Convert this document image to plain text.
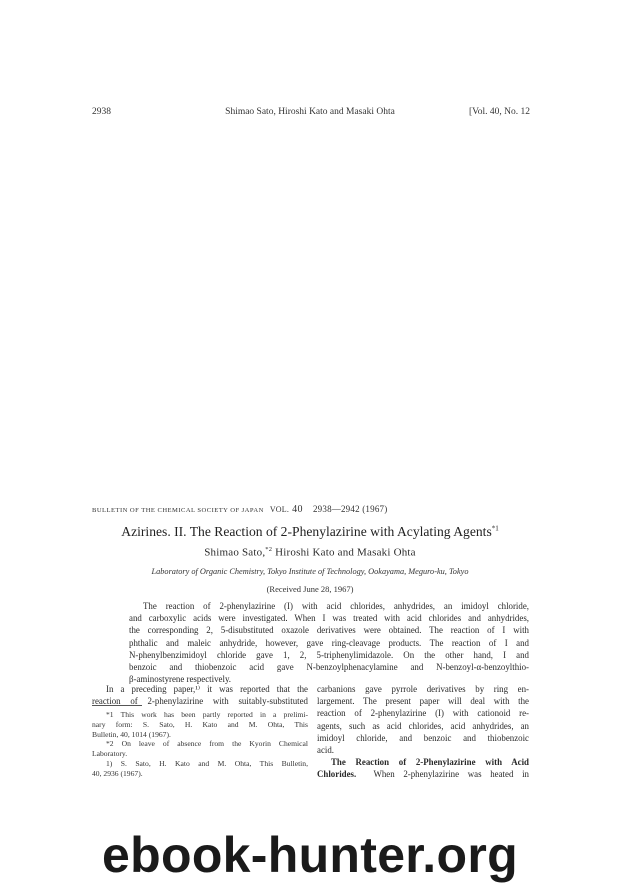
2938	Shimao Sato, Hiroshi Kato and Masaki Ohta	[Vol. 40, No. 12
BULLETIN OF THE CHEMICAL SOCIETY OF JAPAN VOL. 40 2938—2942 (1967)
Azirines. II. The Reaction of 2-Phenylazirine with Acylating Agents$^{*1}$
Shimao Sato,$^{*2}$ Hiroshi Kato and Masaki Ohta
Laboratory of Organic Chemistry, Tokyo Institute of Technology, Ookayama, Meguro-ku, Tokyo
(Received June 28, 1967)
The reaction of 2-phenylazirine (I) with acid chlorides, anhydrides, an imidoyl chloride,
and carboxylic acids were investigated. When I was treated with acid chlorides and anhydrides,
the corresponding 2, 5-disubstituted oxazole derivatives were obtained. The reaction of I with
phthalic and maleic anhydride, however, gave ring-cleavage products. The reaction of I and
N-phenylbenzimidoyl chloride gave 1, 2, 5-triphenylimidazole. On the other hand, I and
benzoic and thiobenzoic acid gave N-benzoylphenacylamine and N-benzoyl-α-benzoylthio-
β-aminostyrene respectively.
In a preceding paper,¹⁾ it was reported that the
reaction of 2-phenylazirine with suitably-substituted
*1 This work has been partly reported in a prelimi-
nary form: S. Sato, H. Kato and M. Ohta, This
Bulletin, 40, 1014 (1967).
*2 On leave of absence from the Kyorin Chemical
Laboratory.
1) S. Sato, H. Kato and M. Ohta, This Bulletin,
40, 2936 (1967).
carbanions gave pyrrole derivatives by ring en-
largement. The present paper will deal with the
reaction of 2-phenylazirine (I) with cationoid re-
agents, such as acid chlorides, acid anhydrides, an
imidoyl chloride, and benzoic and thiobenzoic
acid.
The Reaction of 2-Phenylazirine with Acid
Chlorides. When 2-phenylazirine was heated in
ebook-hunter.org
